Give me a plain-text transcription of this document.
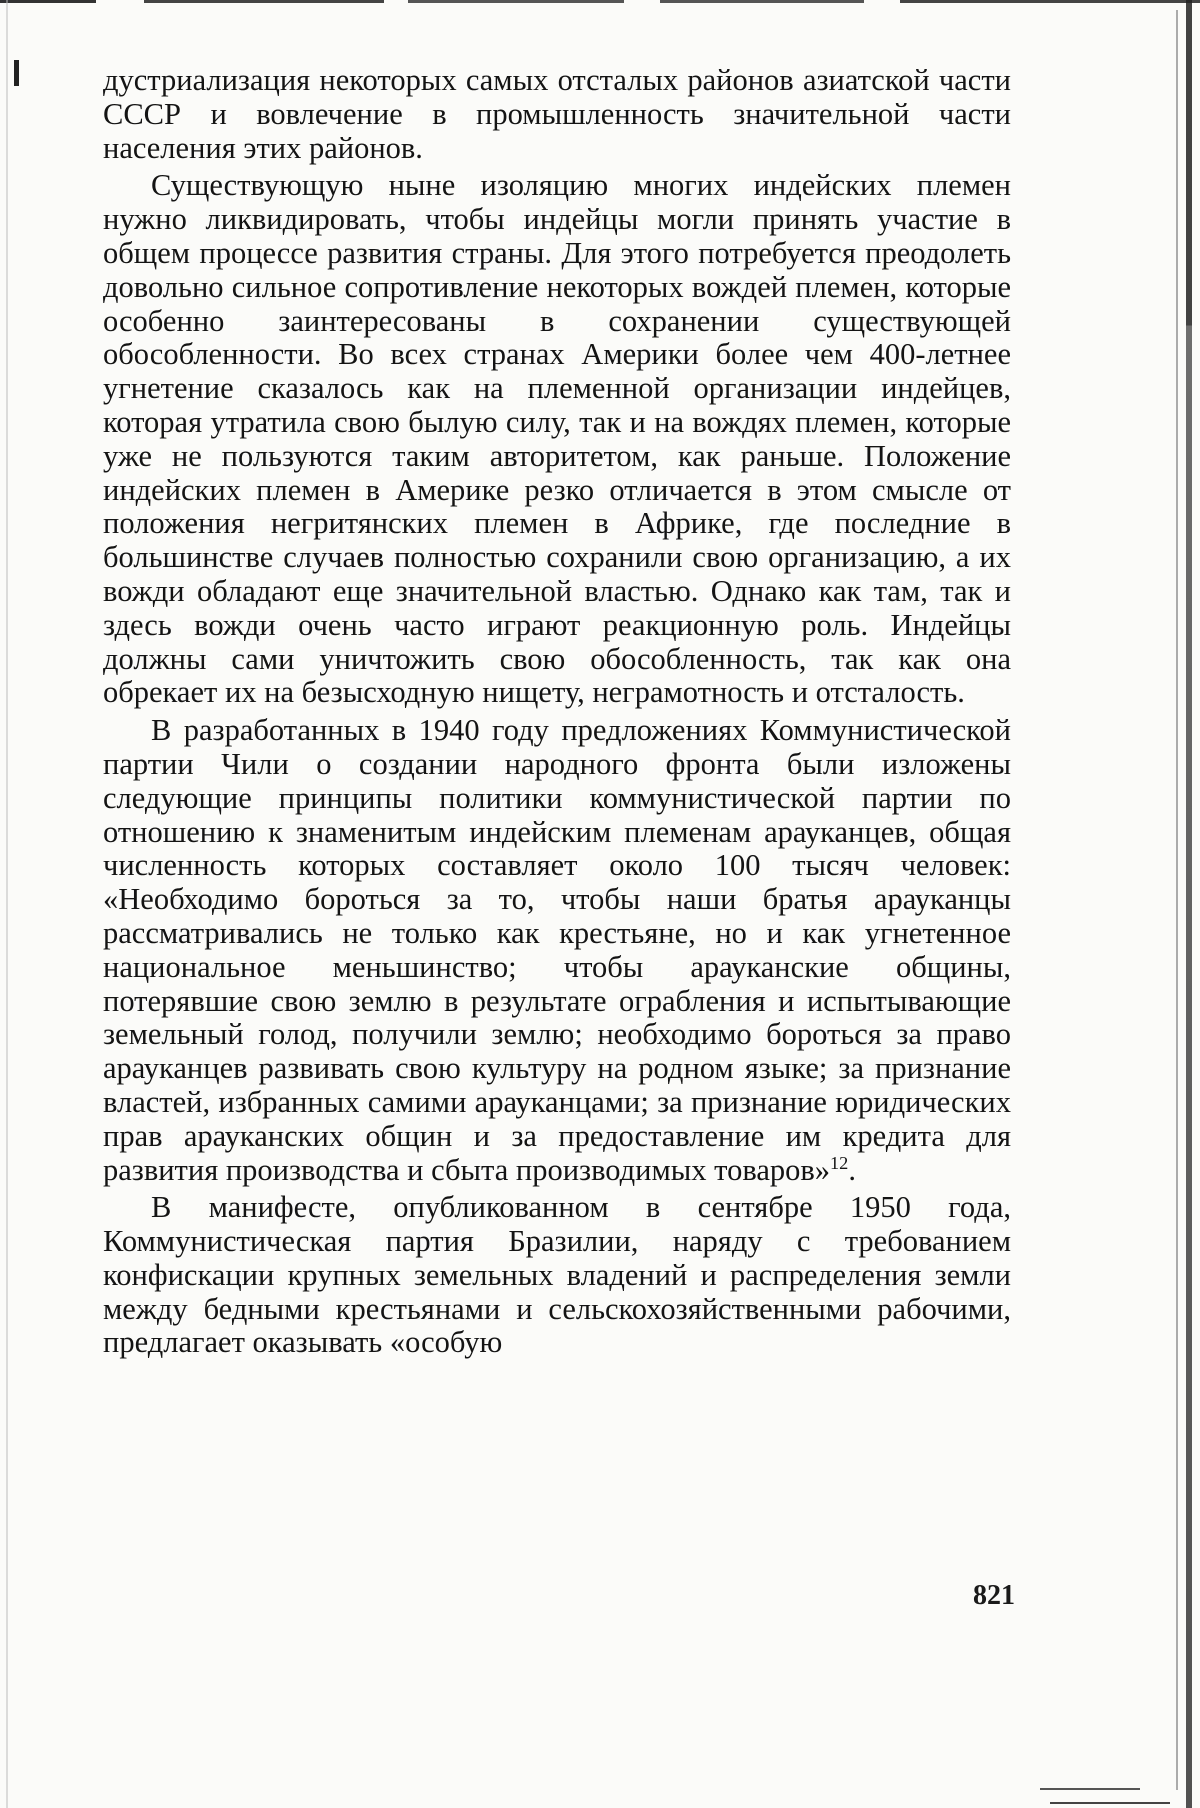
дустриализация некоторых самых отсталых районов азиатской части СССР и вовлечение в промышленность значительной части населения этих районов.

Существующую ныне изоляцию многих индейских племен нужно ликвидировать, чтобы индейцы могли принять участие в общем процессе развития страны. Для этого потребуется преодолеть довольно сильное сопротивление некоторых вождей племен, которые особенно заинтересованы в сохранении существующей обособленности. Во всех странах Америки более чем 400-летнее угнетение сказалось как на племенной организации индейцев, которая утратила свою былую силу, так и на вождях племен, которые уже не пользуются таким авторитетом, как раньше. Положение индейских племен в Америке резко отличается в этом смысле от положения негритянских племен в Африке, где последние в большинстве случаев полностью сохранили свою организацию, а их вожди обладают еще значительной властью. Однако как там, так и здесь вожди очень часто играют реакционную роль. Индейцы должны сами уничтожить свою обособленность, так как она обрекает их на безысходную нищету, неграмотность и отсталость.

В разработанных в 1940 году предложениях Коммунистической партии Чили о создании народного фронта были изложены следующие принципы политики коммунистической партии по отношению к знаменитым индейским племенам арауканцев, общая численность которых составляет около 100 тысяч человек: «Необходимо бороться за то, чтобы наши братья арауканцы рассматривались не только как крестьяне, но и как угнетенное национальное меньшинство; чтобы арауканские общины, потерявшие свою землю в результате ограбления и испытывающие земельный голод, получили землю; необходимо бороться за право арауканцев развивать свою культуру на родном языке; за признание властей, избранных самими арауканцами; за признание юридических прав арауканских общин и за предоставление им кредита для развития производства и сбыта производимых товаров»$^{12}$.

В манифесте, опубликованном в сентябре 1950 года, Коммунистическая партия Бразилии, наряду с требованием конфискации крупных земельных владений и распределения земли между бедными крестьянами и сельскохозяйственными рабочими, предлагает оказывать «особую

821
